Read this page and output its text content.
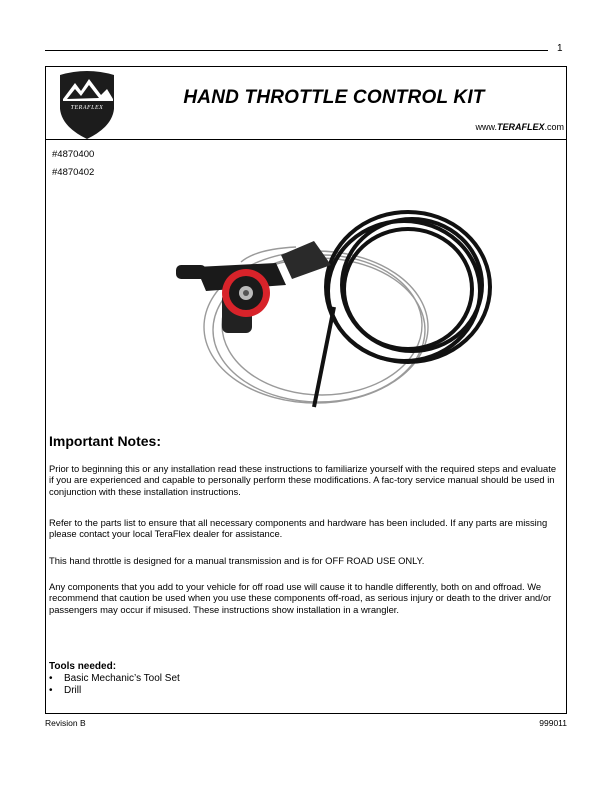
1
TERAFLEX	HAND THROTTLE CONTROL KIT
www.TERAFLEX.com
#4870400
#4870402
Important Notes:

Prior to beginning this or any installation read these instructions to familiarize yourself with the required steps and evaluate if you are experienced and capable to personally perform these modifications. A fac-tory service manual should be used in conjunction with these installation instructions.

Refer to the parts list to ensure that all necessary components and hardware has been included. If any parts are missing please contact your local TeraFlex dealer for assistance.

This hand throttle is designed for a manual transmission and is for OFF ROAD USE ONLY.

Any components that you add to your vehicle for off road use will cause it to handle differently, both on and offroad. We recommend that caution be used when you use these components off-road, as serious injury or death to the driver and/or passengers may occur if misused. These instructions show installation in a wrangler.

Tools needed:
• Basic Mechanic’s Tool Set
• Drill
Revision B	999011
